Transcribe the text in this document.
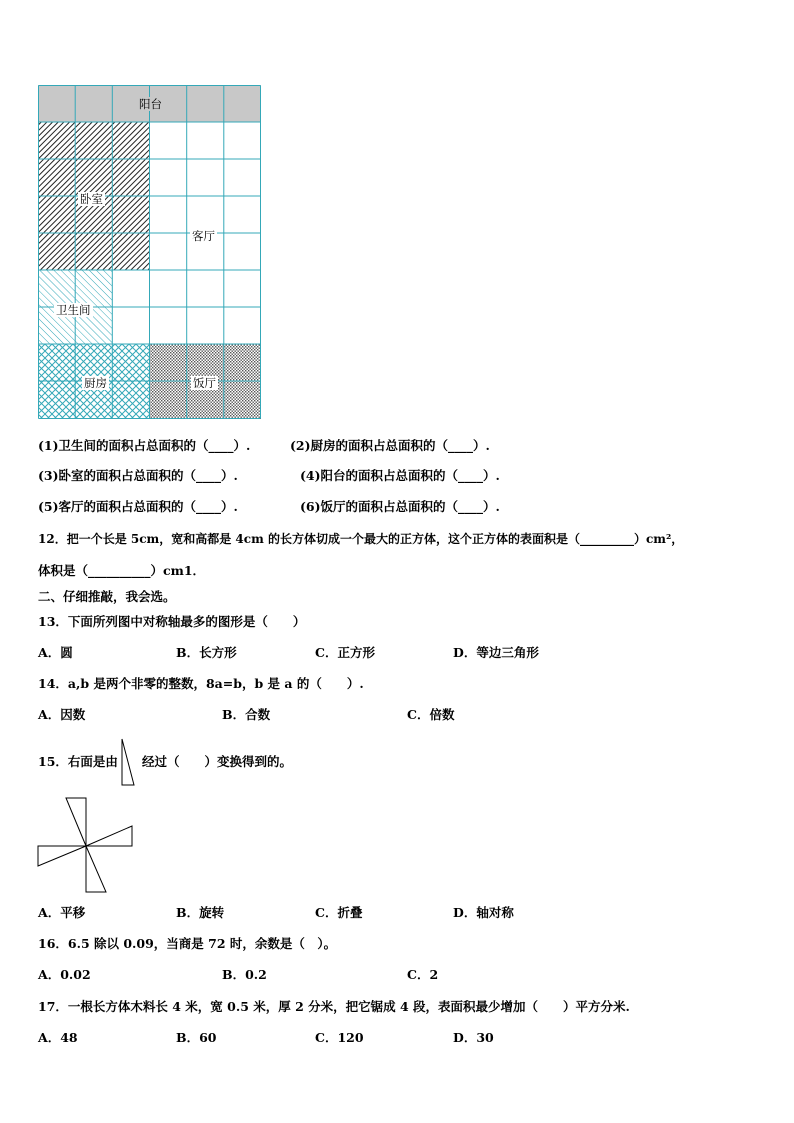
阳台
卧室
客厅
卫生间
厨房	饭厅
(1)卫生间的面积占总面积的（____）.	(2)厨房的面积占总面积的（____）.
(3)卧室的面积占总面积的（____）.	(4)阳台的面积占总面积的（____）.
(5)客厅的面积占总面积的（____）.	(6)饭厅的面积占总面积的（____）.
12．把一个长是 5cm，宽和高都是 4cm 的长方体切成一个最大的正方体，这个正方体的表面积是（_________）cm²，
体积是（__________）cm1．
二、仔细推敲，我会选。
13．下面所列图中对称轴最多的图形是（　　）
A．圆	B．长方形	C．正方形	D．等边三角形
14．a,b 是两个非零的整数，8a=b，b 是 a 的（　　）.
A．因数	B．合数	C．倍数
15．右面是由 经过（　　）变换得到的。
A．平移	B．旋转	C．折叠	D．轴对称
16．6.5 除以 0.09，当商是 72 时，余数是（　）。
A．0.02	B．0.2	C．2
17．一根长方体木料长 4 米，宽 0.5 米，厚 2 分米，把它锯成 4 段，表面积最少增加（　　）平方分米.
A．48	B．60	C．120	D．30
